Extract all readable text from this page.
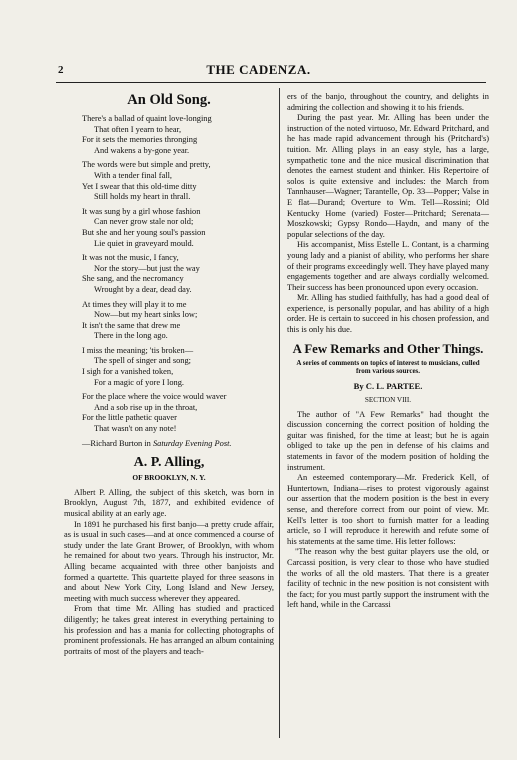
2	THE CADENZA.
An Old Song.
There's a ballad of quaint love-longing
That often I yearn to hear,
For it sets the memories thronging
And wakens a by-gone year.
The words were but simple and pretty,
With a tender final fall,
Yet I swear that this old-time ditty
Still holds my heart in thrall.
It was sung by a girl whose fashion
Can never grow stale nor old;
But she and her young soul's passion
Lie quiet in graveyard mould.
It was not the music, I fancy,
Nor the story—but just the way
She sang, and the necromancy
Wrought by a dear, dead day.
At times they will play it to me
Now—but my heart sinks low;
It isn't the same that drew me
There in the long ago.
I miss the meaning; 'tis broken—
The spell of singer and song;
I sigh for a vanished token,
For a magic of yore I long.
For the place where the voice would waver
And a sob rise up in the throat,
For the little pathetic quaver
That wasn't on any note!
—Richard Burton in Saturday Evening Post.
A. P. Alling,
OF BROOKLYN, N. Y.

Albert P. Alling, the subject of this sketch, was born in Brooklyn, August 7th, 1877, and exhibited evidence of musical ability at an early age.

In 1891 he purchased his first banjo—a pretty crude affair, as is usual in such cases—and at once commenced a course of study under the late Grant Brower, of Brooklyn, with whom he remained for about two years. Through his instructor, Mr. Alling became acquainted with three other banjoists and formed a quartette. This quartette played for three seasons in and about New York City, Long Island and New Jersey, meeting with much success wherever they appeared.

From that time Mr. Alling has studied and practiced diligently; he takes great interest in everything pertaining to his profession and has a mania for collecting photographs of prominent professionals. He has arranged an album containing portraits of most of the players and teach-

ers of the banjo, throughout the country, and delights in admiring the collection and showing it to his friends.

During the past year. Mr. Alling has been under the instruction of the noted virtuoso, Mr. Edward Pritchard, and he has made rapid advancement through his (Pritchard's) tuition. Mr. Alling plays in an easy style, has a large, sympathetic tone and the nice musical discrimination that denotes the earnest student and thinker. His Repertoire of solos is quite extensive and includes: the March from Tannhauser—Wagner; Tarantelle, Op. 33—Popper; Valse in E flat—Durand; Overture to Wm. Tell—Rossini; Old Kentucky Home (varied) Foster—Pritchard; Serenata—Moszkowski; Gypsy Rondo—Haydn, and many of the popular selections of the day.

His accompanist, Miss Estelle L. Contant, is a charming young lady and a pianist of ability, who performs her share of their programs exceedingly well. They have played many engagements together and are always cordially welcomed. Their success has been pronounced upon every occasion.

Mr. Alling has studied faithfully, has had a good deal of experience, is personally popular, and has ability of a high order. He is certain to succeed in his chosen profession, and this is only his due.

A Few Remarks and Other Things.
A series of comments on topics of interest to musicians, culled from various sources.
By C. L. PARTEE.
SECTION VIII.

The author of "A Few Remarks" had thought the discussion concerning the correct position of holding the guitar was finished, for the time at least; but he is again obliged to take up the pen in defense of his claims and statements in favor of the modern position of holding the instrument.

An esteemed contemporary—Mr. Frederick Kell, of Huntertown, Indiana—rises to protest vigorously against our assertion that the modern position is the best in every sense, and therefore correct from our point of view. Mr. Kell's letter is too short to furnish matter for a leading article, so I will reproduce it herewith and refute some of his statements at the same time. His letter follows:

"The reason why the best guitar players use the old, or Carcassi position, is very clear to those who have studied the works of all the old masters. That there is a greater facility of technic in the new position is not consistent with the fact; for you must partly support the instrument with the left hand, while in the Carcassi
